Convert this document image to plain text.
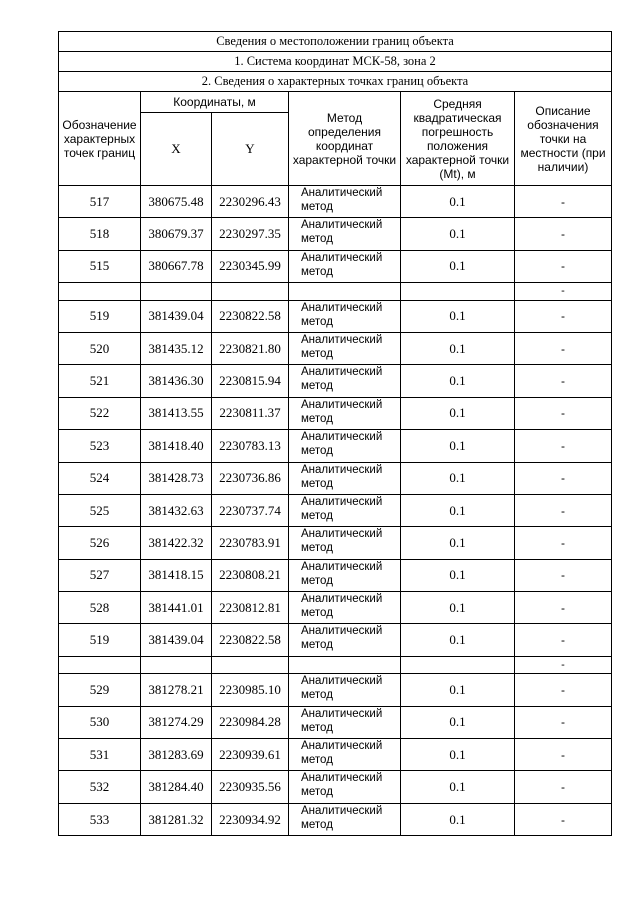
Сведения о местоположении границ объекта					
1. Система координат МСК-58, зона 2					
2. Сведения о характерных точках границ объекта					
Обозначение характерных точек границ	Координаты, м		Метод определения координат характерной точки	Средняя квадратическая погрешность положения характерной точки (Mt), м	Описание обозначения точки на местности (при наличии)
	X	Y			
517	380675.48	2230296.43	Аналитический метод	0.1	-
518	380679.37	2230297.35	Аналитический метод	0.1	-
515	380667.78	2230345.99	Аналитический метод	0.1	-
					-
519	381439.04	2230822.58	Аналитический метод	0.1	-
520	381435.12	2230821.80	Аналитический метод	0.1	-
521	381436.30	2230815.94	Аналитический метод	0.1	-
522	381413.55	2230811.37	Аналитический метод	0.1	-
523	381418.40	2230783.13	Аналитический метод	0.1	-
524	381428.73	2230736.86	Аналитический метод	0.1	-
525	381432.63	2230737.74	Аналитический метод	0.1	-
526	381422.32	2230783.91	Аналитический метод	0.1	-
527	381418.15	2230808.21	Аналитический метод	0.1	-
528	381441.01	2230812.81	Аналитический метод	0.1	-
519	381439.04	2230822.58	Аналитический метод	0.1	-
					-
529	381278.21	2230985.10	Аналитический метод	0.1	-
530	381274.29	2230984.28	Аналитический метод	0.1	-
531	381283.69	2230939.61	Аналитический метод	0.1	-
532	381284.40	2230935.56	Аналитический метод	0.1	-
533	381281.32	2230934.92	Аналитический метод	0.1	-
